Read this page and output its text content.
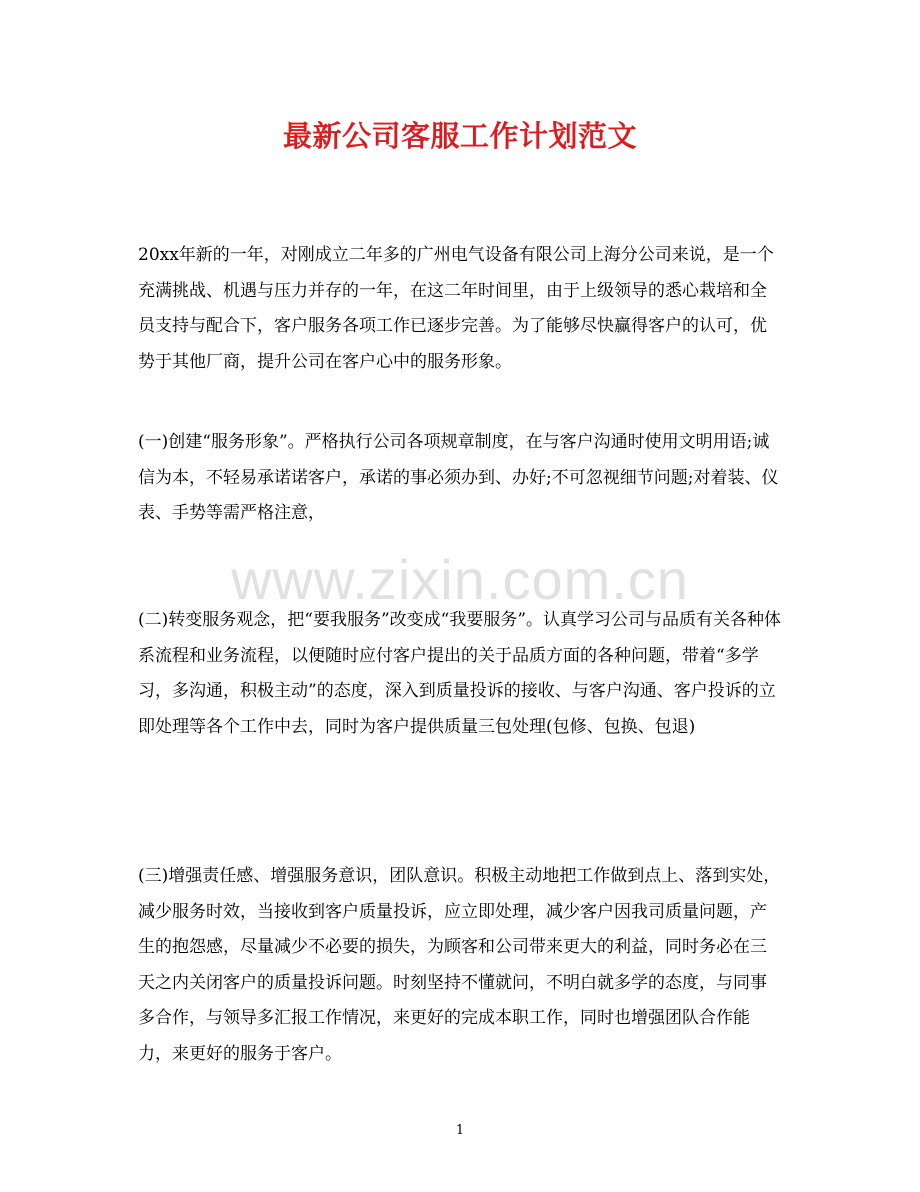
最新公司客服工作计划范文

20xx年新的一年，对刚成立二年多的广州电气设备有限公司上海分公司来说，是一个充满挑战、机遇与压力并存的一年，在这二年时间里，由于上级领导的悉心栽培和全员支持与配合下，客户服务各项工作已逐步完善。为了能够尽快赢得客户的认可，优势于其他厂商，提升公司在客户心中的服务形象。

(一)创建“服务形象”。严格执行公司各项规章制度，在与客户沟通时使用文明用语;诚信为本，不轻易承诺诺客户，承诺的事必须办到、办好;不可忽视细节问题;对着装、仪表、手势等需严格注意，

(二)转变服务观念，把“要我服务”改变成“我要服务”。认真学习公司与品质有关各种体系流程和业务流程，以便随时应付客户提出的关于品质方面的各种问题，带着“多学习，多沟通，积极主动”的态度，深入到质量投诉的接收、与客户沟通、客户投诉的立即处理等各个工作中去，同时为客户提供质量三包处理(包修、包换、包退)

(三)增强责任感、增强服务意识，团队意识。积极主动地把工作做到点上、落到实处，减少服务时效，当接收到客户质量投诉，应立即处理，减少客户因我司质量问题，产生的抱怨感，尽量减少不必要的损失，为顾客和公司带来更大的利益，同时务必在三天之内关闭客户的质量投诉问题。时刻坚持不懂就问，不明白就多学的态度，与同事多合作，与领导多汇报工作情况，来更好的完成本职工作，同时也增强团队合作能力，来更好的服务于客户。

www.zixin.com.cn
1
